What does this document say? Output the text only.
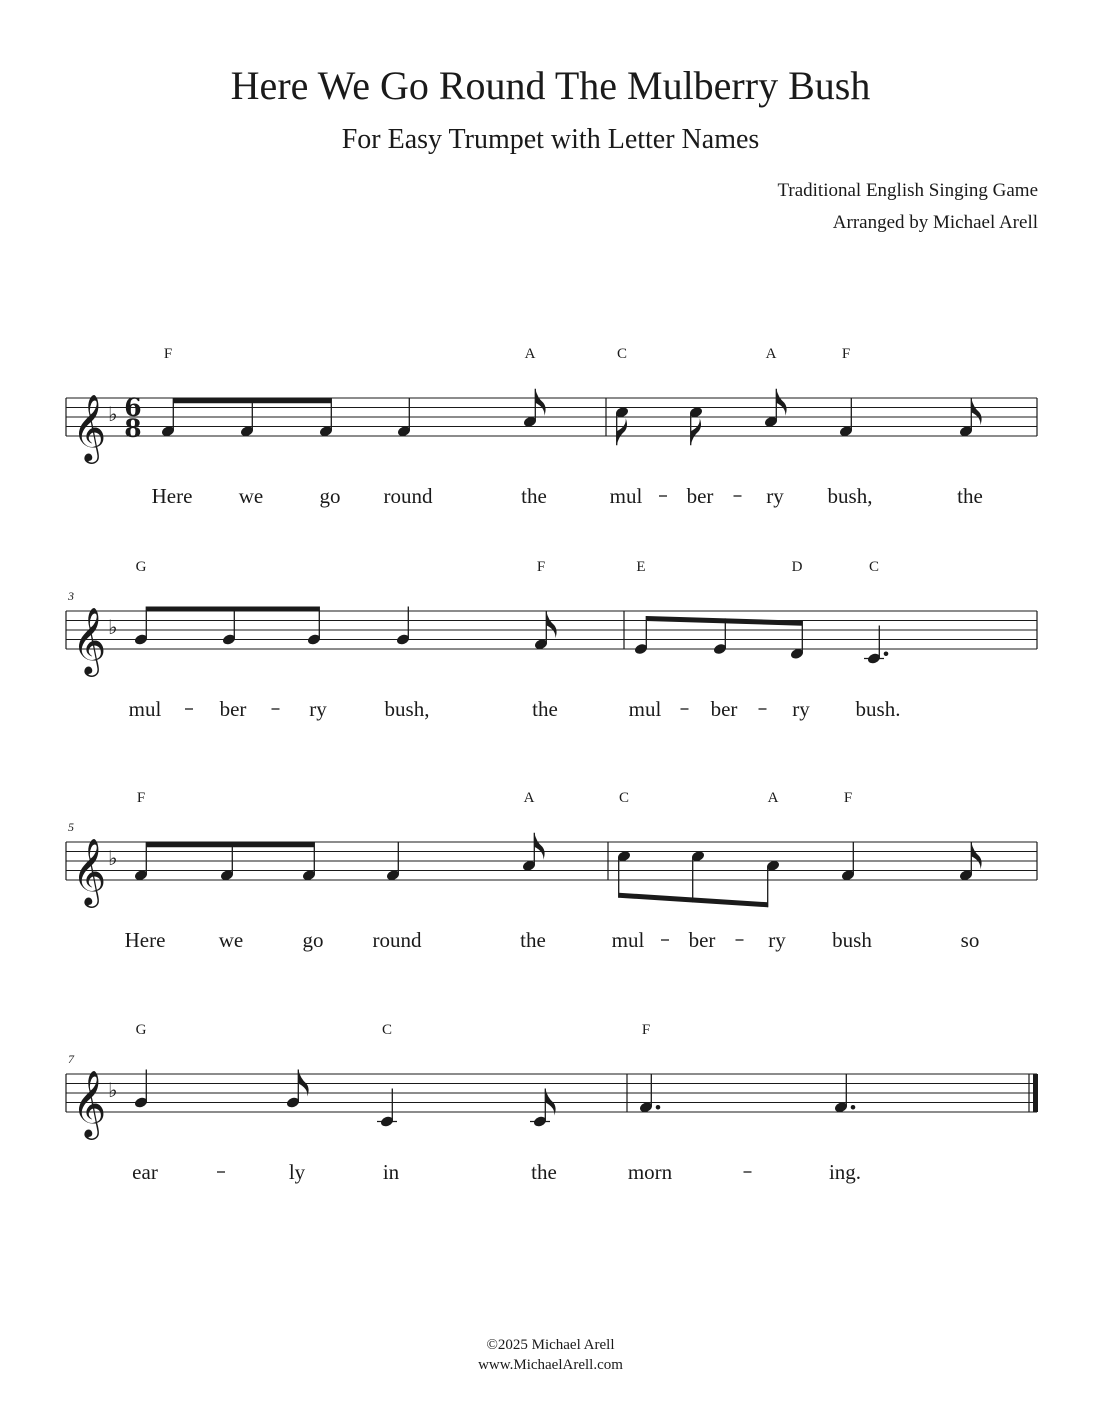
Here We Go Round The Mulberry Bush
For Easy Trumpet with Letter Names
Traditional English Singing Game
Arranged by Michael Arell
𝄞 ♭ 6
8
F
Here we	go round
A
the
C
mul ber
A
ry
F
bush,	the
𝄞 ♭
3
G
mul	ber	ry	bush,
F
the
E
mul ber
D
ry
C
bush.
𝄞 ♭
5
F
Here	we	go round
A
the
C
mul ber
A
ry
F
bush	so
𝄞 ♭
7
G
ear	ly
C
in	the
F
morn	ing.
©2025 Michael Arell
www.MichaelArell.com
